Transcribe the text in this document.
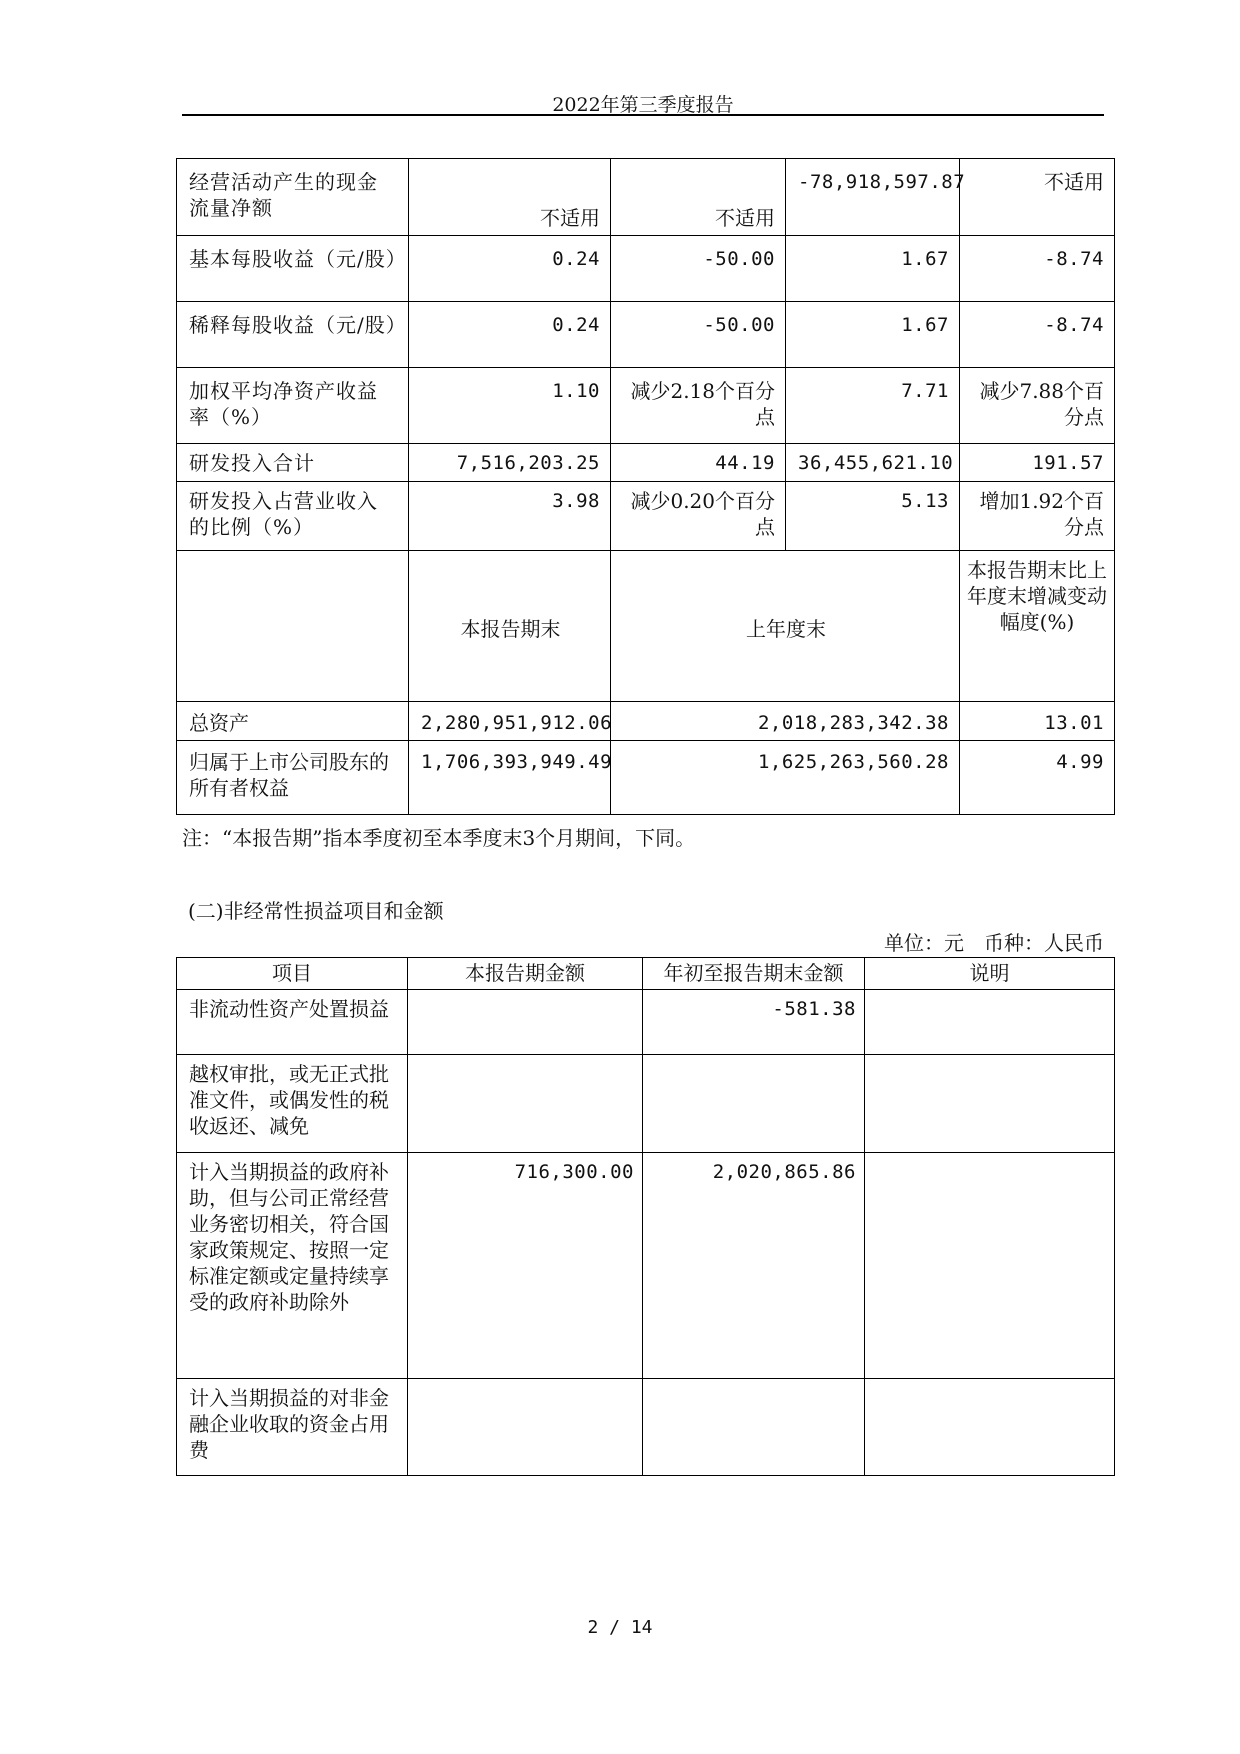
2022年第三季度报告
经营活动产生的现金流量净额	不适用	不适用	-78,918,597.87	不适用
基本每股收益（元/股）	0.24	-50.00	1.67	-8.74
稀释每股收益（元/股）	0.24	-50.00	1.67	-8.74
加权平均净资产收益率（%）	1.10	减少2.18个百分点	7.71	减少7.88个百分点
研发投入合计	7,516,203.25	44.19	36,455,621.10	191.57
研发投入占营业收入的比例（%）	3.98	减少0.20个百分点	5.13	增加1.92个百分点
	本报告期末	上年度末		本报告期末比上年度末增减变动幅度(%)
总资产	2,280,951,912.06	2,018,283,342.38		13.01
归属于上市公司股东的所有者权益	1,706,393,949.49	1,625,263,560.28		4.99
注：“本报告期”指本季度初至本季度末3个月期间，下同。
(二)非经常性损益项目和金额
单位：元　币种：人民币
项目	本报告期金额	年初至报告期末金额	说明
非流动性资产处置损益		-581.38	
越权审批，或无正式批准文件，或偶发性的税收返还、减免			
计入当期损益的政府补助，但与公司正常经营业务密切相关，符合国家政策规定、按照一定标准定额或定量持续享受的政府补助除外	716,300.00	2,020,865.86	
计入当期损益的对非金融企业收取的资金占用费			
2 / 14
